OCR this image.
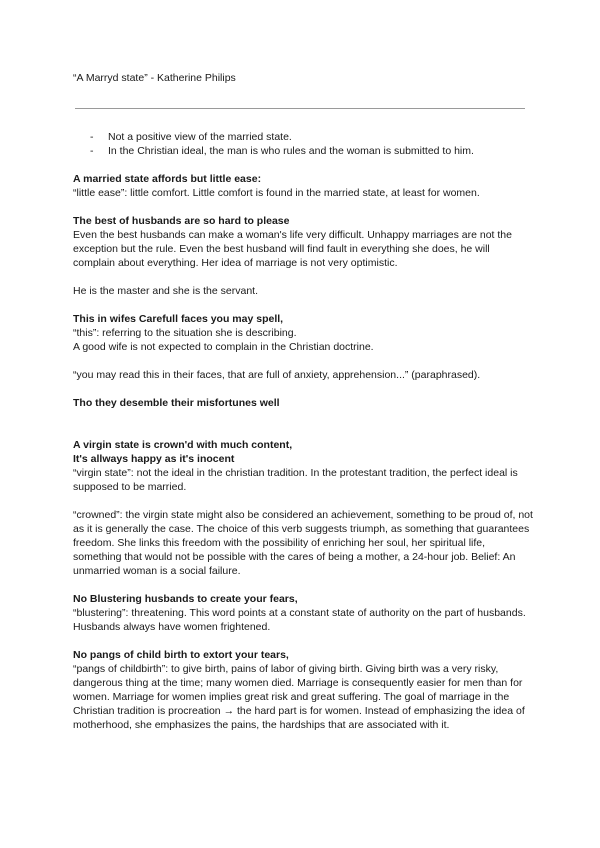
“A Marryd state” - Katherine Philips
- Not a positive view of the married state.
- In the Christian ideal, the man is who rules and the woman is submitted to him.
A married state affords but little ease:

“little ease”: little comfort. Little comfort is found in the married state, at least for women.

The best of husbands are so hard to please

Even the best husbands can make a woman's life very difficult. Unhappy marriages are not the exception but the rule. Even the best husband will find fault in everything she does, he will complain about everything. Her idea of marriage is not very optimistic.

He is the master and she is the servant.

This in wifes Carefull faces you may spell,

“this”: referring to the situation she is describing.

A good wife is not expected to complain in the Christian doctrine.

“you may read this in their faces, that are full of anxiety, apprehension...” (paraphrased).

Tho they desemble their misfortunes well
A virgin state is crown'd with much content,
It's allways happy as it's inocent

“virgin state”: not the ideal in the christian tradition. In the protestant tradition, the perfect ideal is supposed to be married.

“crowned”: the virgin state might also be considered an achievement, something to be proud of, not as it is generally the case. The choice of this verb suggests triumph, as something that guarantees freedom. She links this freedom with the possibility of enriching her soul, her spiritual life, something that would not be possible with the cares of being a mother, a 24-hour job. Belief: An unmarried woman is a social failure.

No Blustering husbands to create your fears,

“blustering”: threatening. This word points at a constant state of authority on the part of husbands. Husbands always have women frightened.

No pangs of child birth to extort your tears,

“pangs of childbirth”: to give birth, pains of labor of giving birth. Giving birth was a very risky, dangerous thing at the time; many women died. Marriage is consequently easier for men than for women. Marriage for women implies great risk and great suffering. The goal of marriage in the Christian tradition is procreation → the hard part is for women. Instead of emphasizing the idea of motherhood, she emphasizes the pains, the hardships that are associated with it.
